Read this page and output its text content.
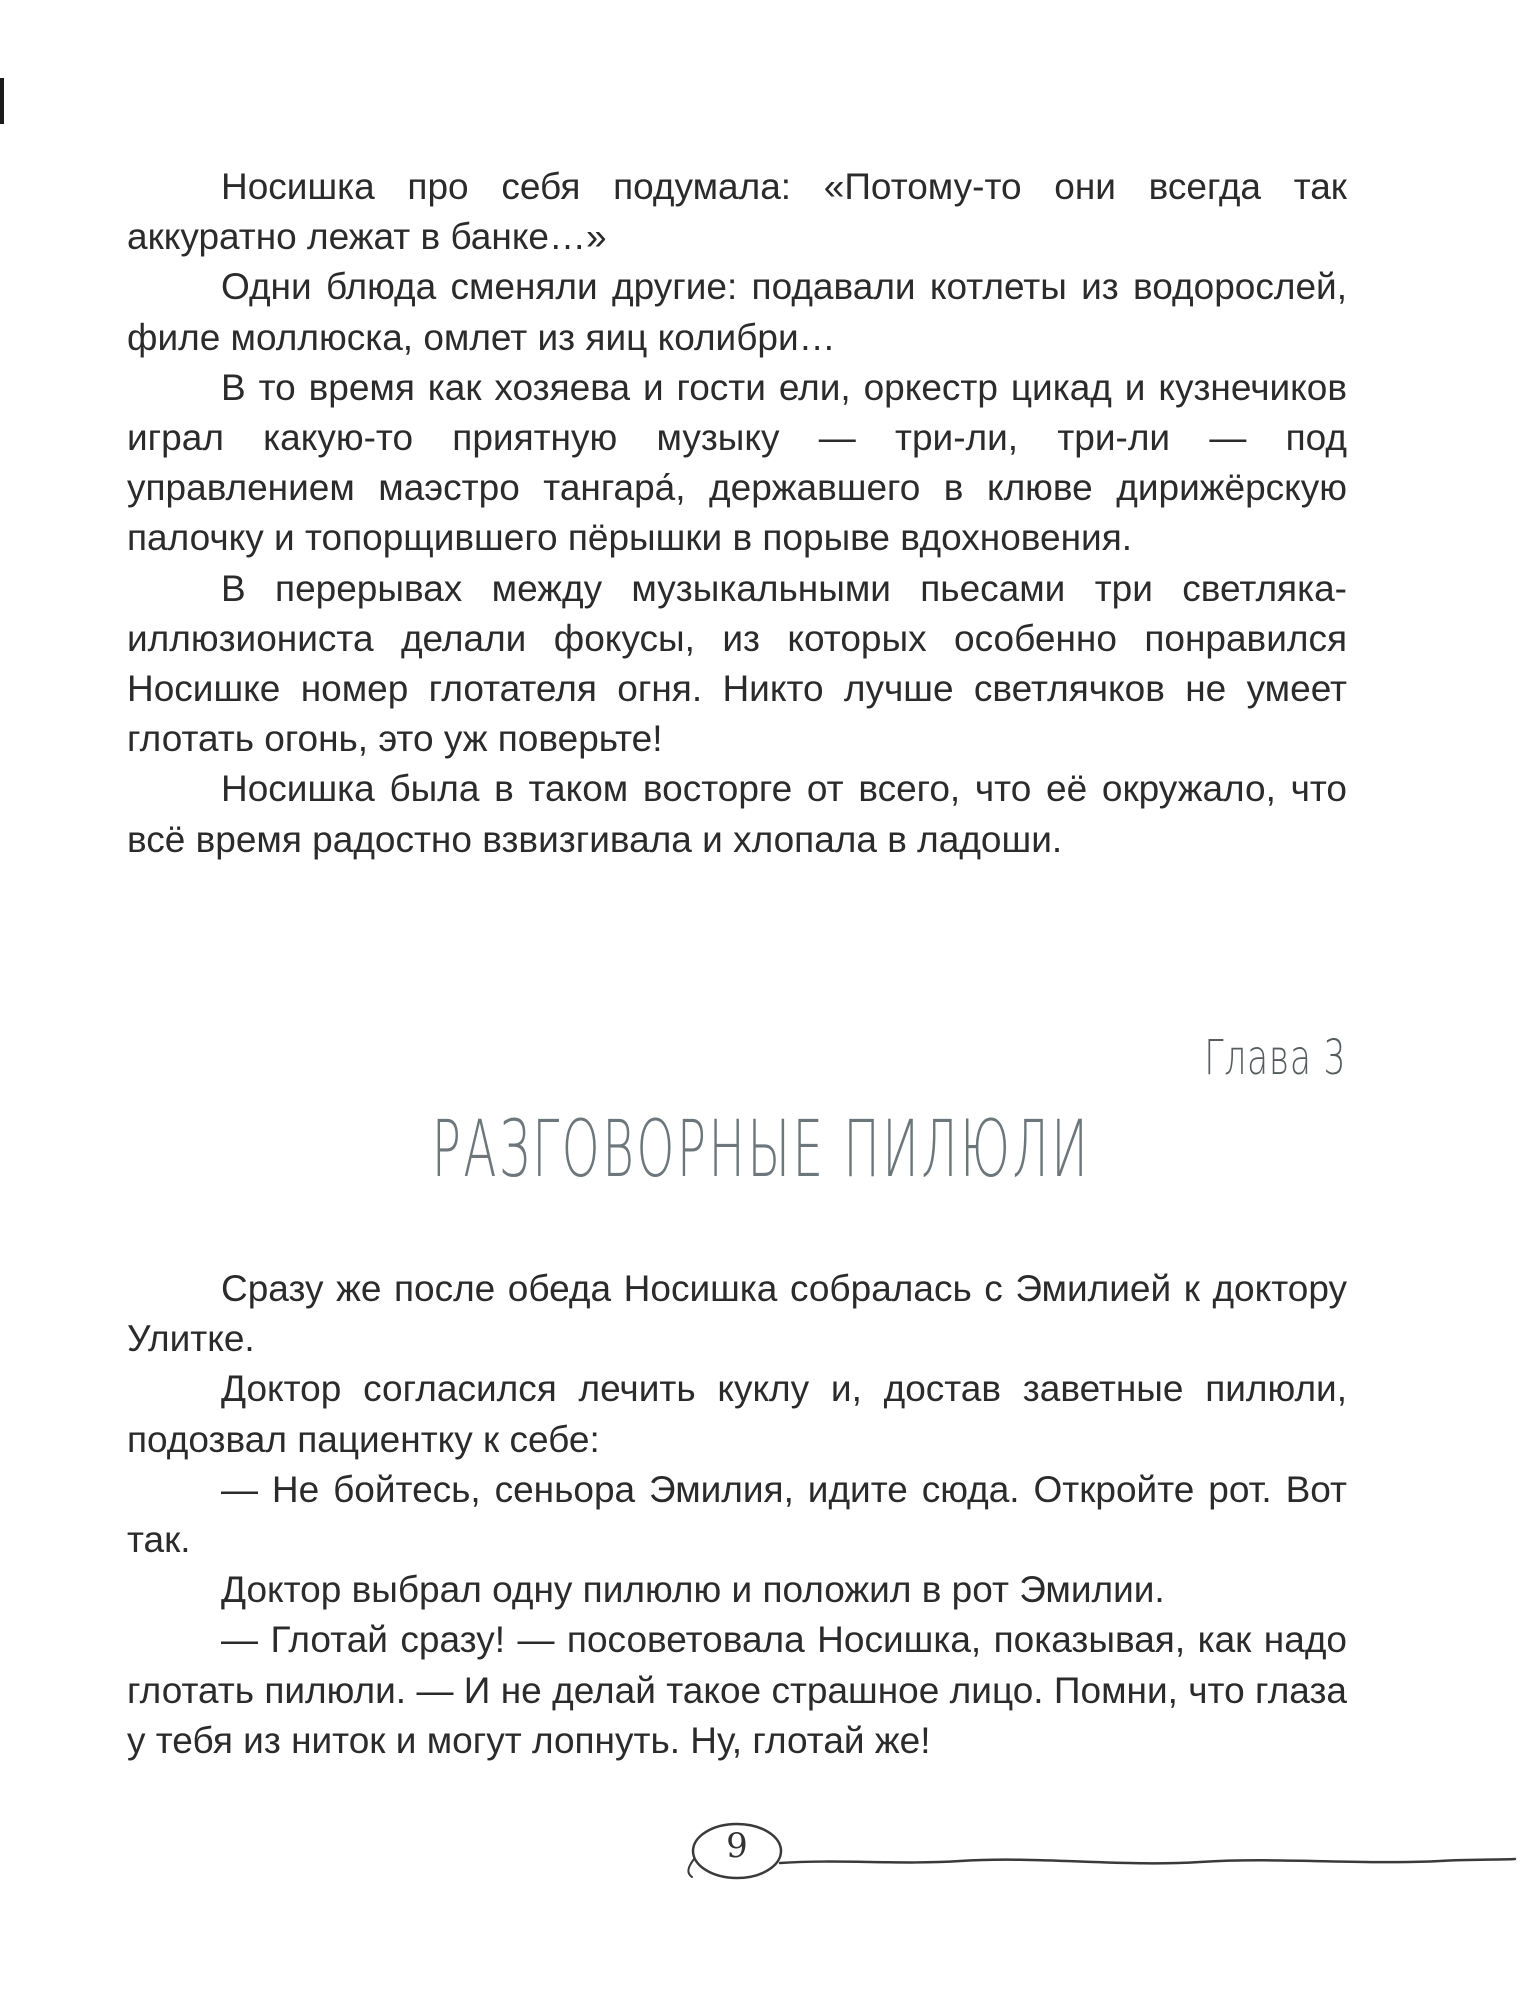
Носишка про себя подумала: «Потому-то они всегда так аккуратно лежат в банке…»

Одни блюда сменяли другие: подавали котлеты из водорослей, филе моллюска, омлет из яиц колибри…

В то время как хозяева и гости ели, оркестр цикад и кузнечиков играл какую-то приятную музыку — три-ли, три-ли — под управлением маэстро тангара́, державшего в клюве дирижёрскую палочку и топорщившего пёрышки в порыве вдохновения.

В перерывах между музыкальными пьесами три светляка-иллюзиониста делали фокусы, из которых особенно понравился Носишке номер глотателя огня. Никто лучше светлячков не умеет глотать огонь, это уж поверьте!

Носишка была в таком восторге от всего, что её окружало, что всё время радостно взвизгивала и хлопала в ладоши.

Глава 3
РАЗГОВОРНЫЕ ПИЛЮЛИ

Сразу же после обеда Носишка собралась с Эмилией к доктору Улитке.

Доктор согласился лечить куклу и, достав заветные пилюли, подозвал пациентку к себе:

— Не бойтесь, сеньора Эмилия, идите сюда. Откройте рот. Вот так.

Доктор выбрал одну пилюлю и положил в рот Эмилии.

— Глотай сразу! — посоветовала Носишка, показывая, как надо глотать пилюли. — И не делай такое страшное лицо. Помни, что глаза у тебя из ниток и могут лопнуть. Ну, глотай же!

9
